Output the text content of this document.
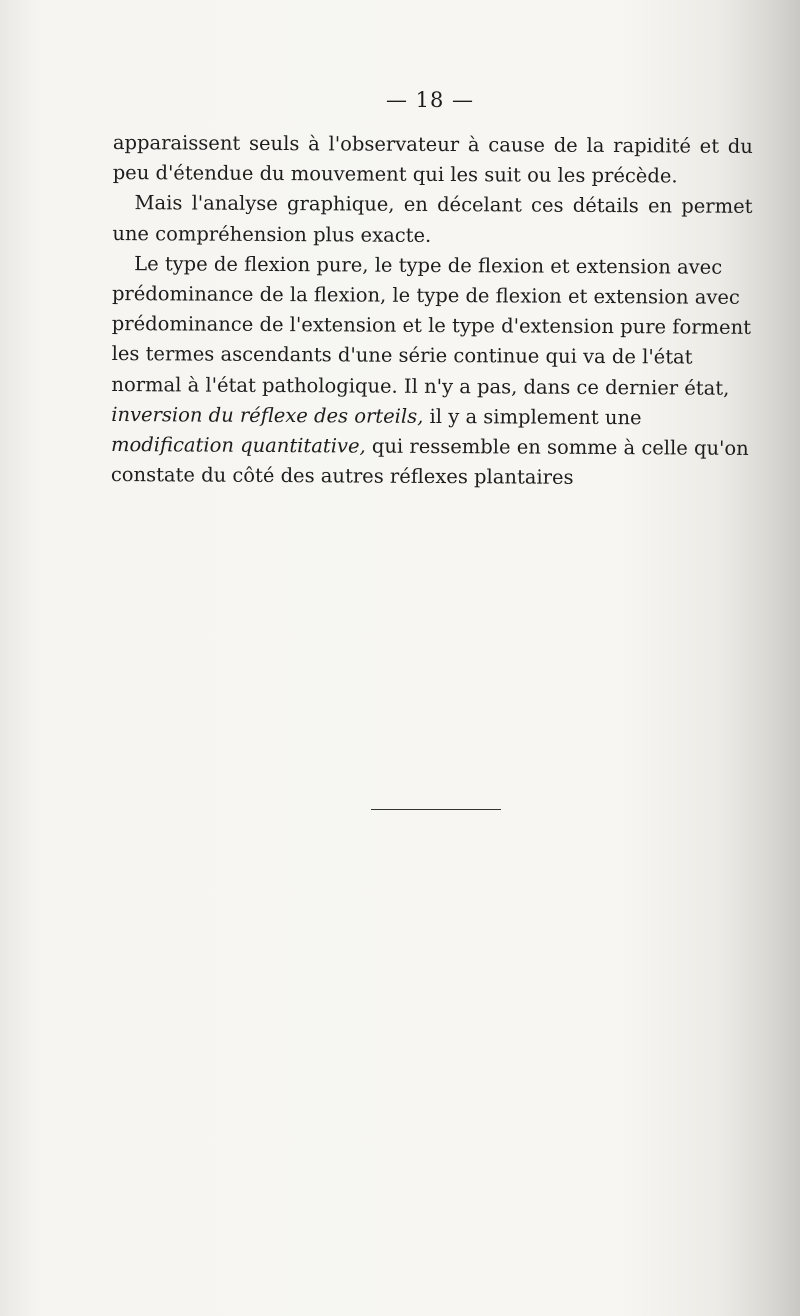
— 18 —

apparaissent seuls à l'observateur à cause de la rapidité et du peu d'étendue du mouvement qui les suit ou les précède.

Mais l'analyse graphique, en décelant ces détails en permet une compréhension plus exacte.

Le type de flexion pure, le type de flexion et extension avec prédominance de la flexion, le type de flexion et extension avec prédominance de l'extension et le type d'extension pure forment les termes ascendants d'une série continue qui va de l'état normal à l'état pathologique. Il n'y a pas, dans ce dernier état, inversion du réflexe des orteils, il y a simplement une modification quantitative, qui ressemble en somme à celle qu'on constate du côté des autres réflexes plantaires
